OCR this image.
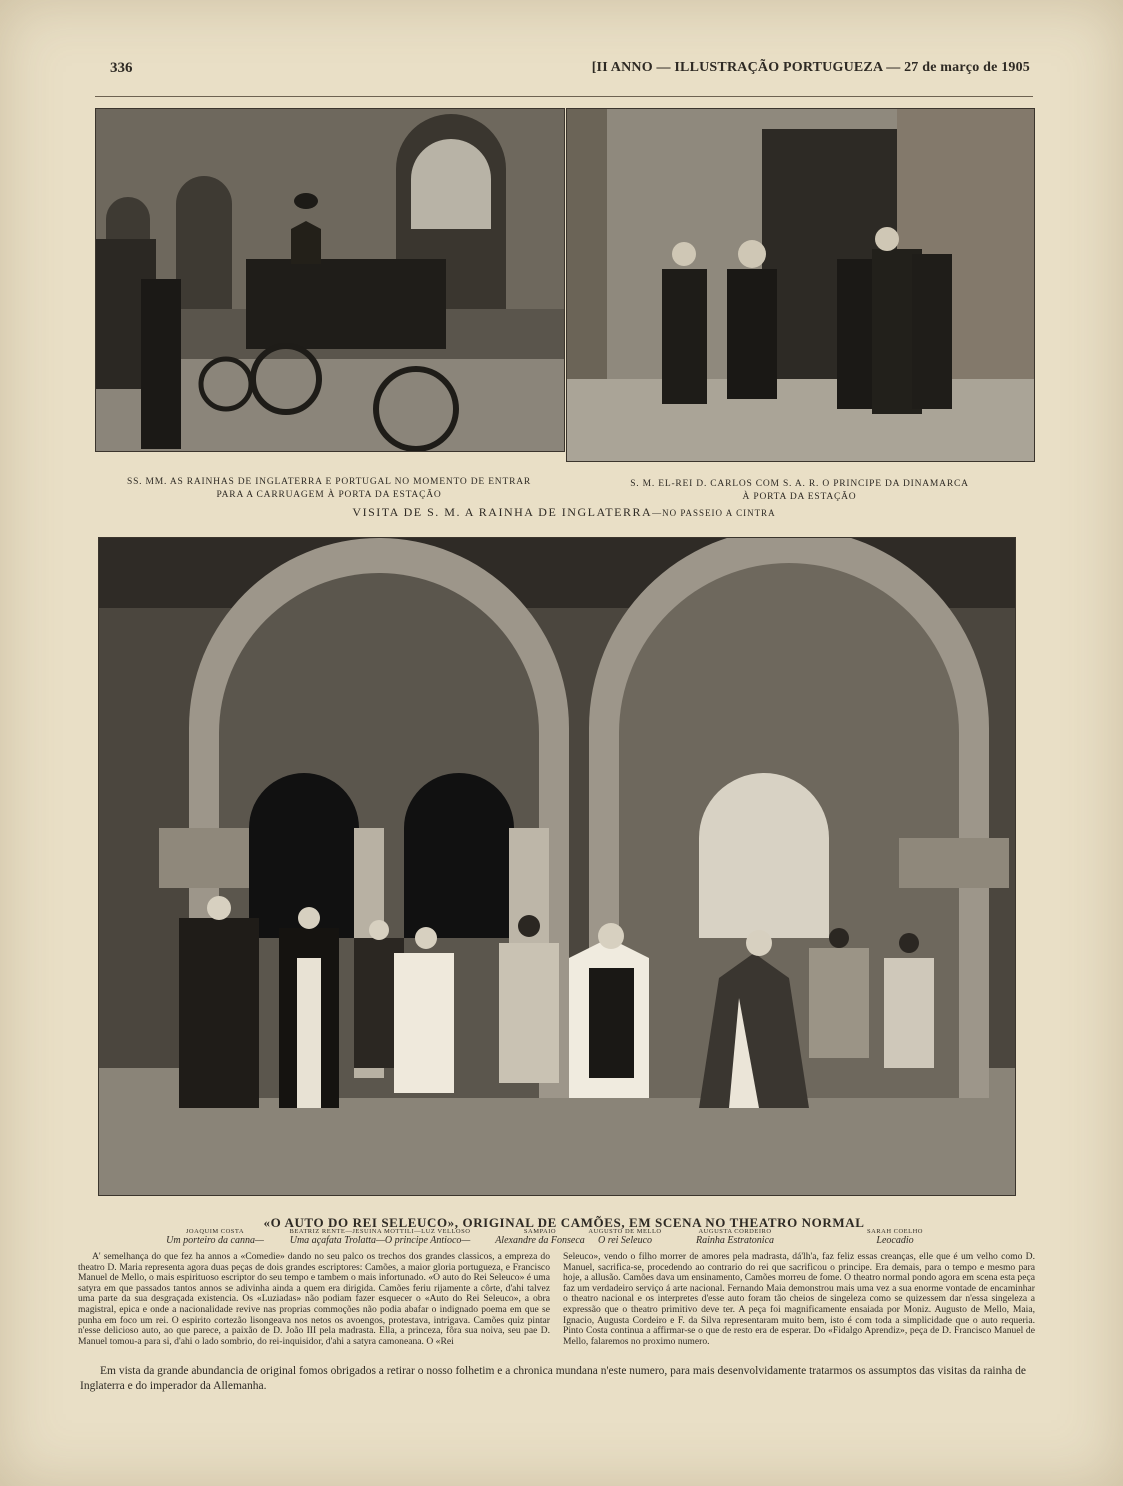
336	[II ANNO — ILLUSTRAÇÃO PORTUGUEZA — 27 de março de 1905
SS. MM. AS RAINHAS DE INGLATERRA E PORTUGAL NO MOMENTO DE ENTRAR
PARA A CARRUAGEM À PORTA DA ESTAÇÃO
S. M. EL-REI D. CARLOS COM S. A. R. O PRINCIPE DA DINAMARCA
À PORTA DA ESTAÇÃO
VISITA DE S. M. A RAINHA DE INGLATERRA—NO PASSEIO A CINTRA
«O AUTO DO REI SELEUCO», ORIGINAL DE CAMÕES, EM SCENA NO THEATRO NORMAL
JOAQUIM COSTA
Um porteiro da canna—
BEATRIZ RENTE—JESUINA MOTTILI—LUZ VELLOSO
Uma açafata Trolatta—O principe Antioco—
SAMPAIO
Alexandre da Fonseca
AUGUSTO DE MELLO
O rei Seleuco
AUGUSTA CORDEIRO
Rainha Estratonica
SARAH COELHO
Leocadio
A' semelhança do que fez ha annos a «Comedie» dando no seu palco os trechos dos grandes classicos, a empreza do theatro D. Maria representa agora duas peças de dois grandes escriptores: Camões, a maior gloria portugueza, e Francisco Manuel de Mello, o mais espirituoso escriptor do seu tempo e tambem o mais infortunado. «O auto do Rei Seleuco» é uma satyra em que passados tantos annos se adivinha ainda a quem era dirigida. Camões feriu rijamente a côrte, d'ahi talvez uma parte da sua desgraçada existencia. Os «Luziadas» não podiam fazer esquecer o «Auto do Rei Seleuco», a obra magistral, epica e onde a nacionalidade revive nas proprias commoções não podia abafar o indignado poema em que se punha em foco um rei. O espirito cortezão lisongeava nos netos os avoengos, protestava, intrigava. Camões quiz pintar n'esse delicioso auto, ao que parece, a paixão de D. João III pela madrasta. Ella, a princeza, fôra sua noiva, seu pae D. Manuel tomou-a para si, d'ahi o lado sombrio, do rei-inquisidor, d'ahi a satyra camoneana. O «Rei
Seleuco», vendo o filho morrer de amores pela madrasta, dá'lh'a, faz feliz essas creanças, elle que é um velho como D. Manuel, sacrifica-se, procedendo ao contrario do rei que sacrificou o principe. Era demais, para o tempo e mesmo para hoje, a allusão. Camões dava um ensinamento, Camões morreu de fome. O theatro normal pondo agora em scena esta peça faz um verdadeiro serviço á arte nacional. Fernando Maia demonstrou mais uma vez a sua enorme vontade de encaminhar o theatro nacional e os interpretes d'esse auto foram tão cheios de singeleza como se quizessem dar n'essa singeleza a expressão que o theatro primitivo deve ter. A peça foi magnificamente ensaiada por Moniz. Augusto de Mello, Maia, Ignacio, Augusta Cordeiro e F. da Silva representaram muito bem, isto é com toda a simplicidade que o auto requeria. Pinto Costa continua a affirmar-se o que de resto era de esperar. Do «Fidalgo Aprendiz», peça de D. Francisco Manuel de Mello, falaremos no proximo numero.

Em vista da grande abundancia de original fomos obrigados a retirar o nosso folhetim e a chronica mundana n'este numero, para mais desenvolvidamente tratarmos os assumptos das visitas da rainha de Inglaterra e do imperador da Allemanha.
